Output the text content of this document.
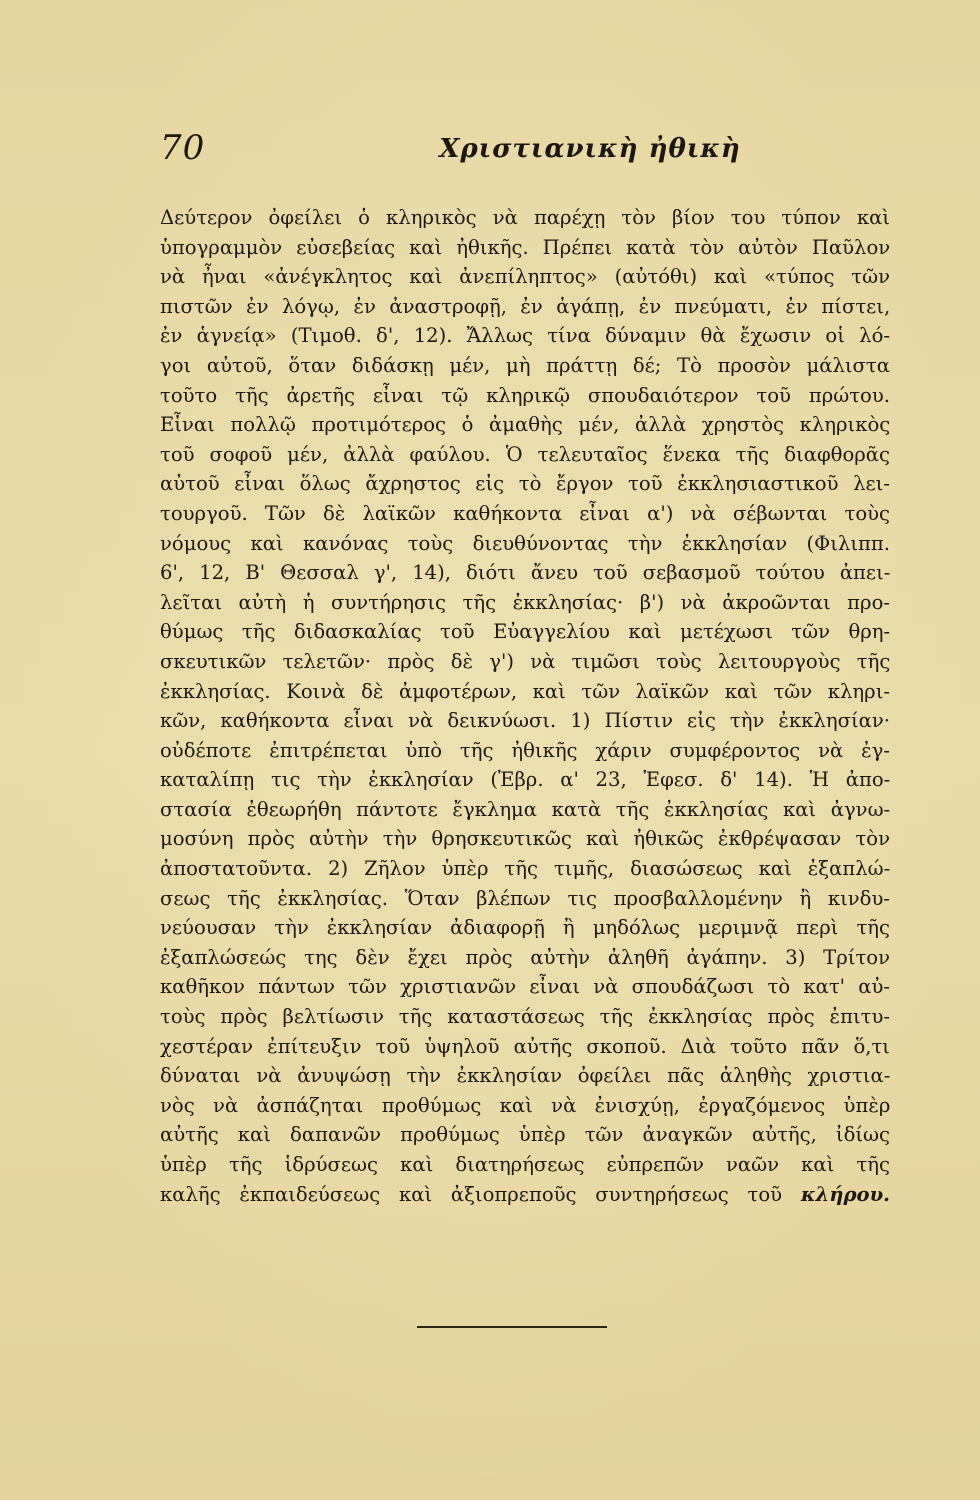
70	Χριστιανικὴ ἠθικὴ
Δεύτερον ὀφείλει ὁ κληρικὸς νὰ παρέχῃ τὸν βίον του τύπον καὶ
ὑπογραμμὸν εὐσεβείας καὶ ἠθικῆς. Πρέπει κατὰ τὸν αὐτὸν Παῦλον
νὰ ἦναι «ἀνέγκλητος καὶ ἀνεπίληπτος» (αὐτόθι) καὶ «τύπος τῶν
πιστῶν ἐν λόγῳ, ἐν ἀναστροφῇ, ἐν ἀγάπῃ, ἐν πνεύματι, ἐν πίστει,
ἐν ἁγνείᾳ» (Τιμοθ. δ', 12). Ἄλλως τίνα δύναμιν θὰ ἔχωσιν οἱ λό-
γοι αὐτοῦ, ὅταν διδάσκῃ μέν, μὴ πράττῃ δέ; Τὸ προσὸν μάλιστα
τοῦτο τῆς ἀρετῆς εἶναι τῷ κληρικῷ σπουδαιότερον τοῦ πρώτου.
Εἶναι πολλῷ προτιμότερος ὁ ἀμαθὴς μέν, ἀλλὰ χρηστὸς κληρικὸς
τοῦ σοφοῦ μέν, ἀλλὰ φαύλου. Ὁ τελευταῖος ἕνεκα τῆς διαφθορᾶς
αὐτοῦ εἶναι ὅλως ἄχρηστος εἰς τὸ ἔργον τοῦ ἐκκλησιαστικοῦ λει-
τουργοῦ. Τῶν δὲ λαϊκῶν καθήκοντα εἶναι α') νὰ σέβωνται τοὺς
νόμους καὶ κανόνας τοὺς διευθύνοντας τὴν ἐκκλησίαν (Φιλιππ.
6', 12, Β' Θεσσαλ γ', 14), διότι ἄνευ τοῦ σεβασμοῦ τούτου ἀπει-
λεῖται αὐτὴ ἡ συντήρησις τῆς ἐκκλησίας· β') νὰ ἀκροῶνται προ-
θύμως τῆς διδασκαλίας τοῦ Εὐαγγελίου καὶ μετέχωσι τῶν θρη-
σκευτικῶν τελετῶν· πρὸς δὲ γ') νὰ τιμῶσι τοὺς λειτουργοὺς τῆς
ἐκκλησίας. Κοινὰ δὲ ἀμφοτέρων, καὶ τῶν λαϊκῶν καὶ τῶν κληρι-
κῶν, καθήκοντα εἶναι νὰ δεικνύωσι. 1) Πίστιν εἰς τὴν ἐκκλησίαν·
οὐδέποτε ἐπιτρέπεται ὑπὸ τῆς ἠθικῆς χάριν συμφέροντος νὰ ἐγ-
καταλίπῃ τις τὴν ἐκκλησίαν (Ἑβρ. α' 23, Ἐφεσ. δ' 14). Ἡ ἀπο-
στασία ἐθεωρήθη πάντοτε ἔγκλημα κατὰ τῆς ἐκκλησίας καὶ ἀγνω-
μοσύνη πρὸς αὐτὴν τὴν θρησκευτικῶς καὶ ἠθικῶς ἐκθρέψασαν τὸν
ἀποστατοῦντα. 2) Ζῆλον ὑπὲρ τῆς τιμῆς, διασώσεως καὶ ἐξαπλώ-
σεως τῆς ἐκκλησίας. Ὅταν βλέπων τις προσβαλλομένην ἢ κινδυ-
νεύουσαν τὴν ἐκκλησίαν ἀδιαφορῇ ἢ μηδόλως μεριμνᾷ περὶ τῆς
ἐξαπλώσεώς της δὲν ἔχει πρὸς αὐτὴν ἀληθῆ ἀγάπην. 3) Τρίτον
καθῆκον πάντων τῶν χριστιανῶν εἶναι νὰ σπουδάζωσι τὸ κατ' αὐ-
τοὺς πρὸς βελτίωσιν τῆς καταστάσεως τῆς ἐκκλησίας πρὸς ἐπιτυ-
χεστέραν ἐπίτευξιν τοῦ ὑψηλοῦ αὐτῆς σκοποῦ. Διὰ τοῦτο πᾶν ὅ,τι
δύναται νὰ ἀνυψώσῃ τὴν ἐκκλησίαν ὀφείλει πᾶς ἀληθὴς χριστια-
νὸς νὰ ἀσπάζηται προθύμως καὶ νὰ ἐνισχύῃ, ἐργαζόμενος ὑπὲρ
αὐτῆς καὶ δαπανῶν προθύμως ὑπὲρ τῶν ἀναγκῶν αὐτῆς, ἰδίως
ὑπὲρ τῆς ἱδρύσεως καὶ διατηρήσεως εὐπρεπῶν ναῶν καὶ τῆς
καλῆς ἐκπαιδεύσεως καὶ ἀξιοπρεποῦς συντηρήσεως τοῦ κλήρου.
